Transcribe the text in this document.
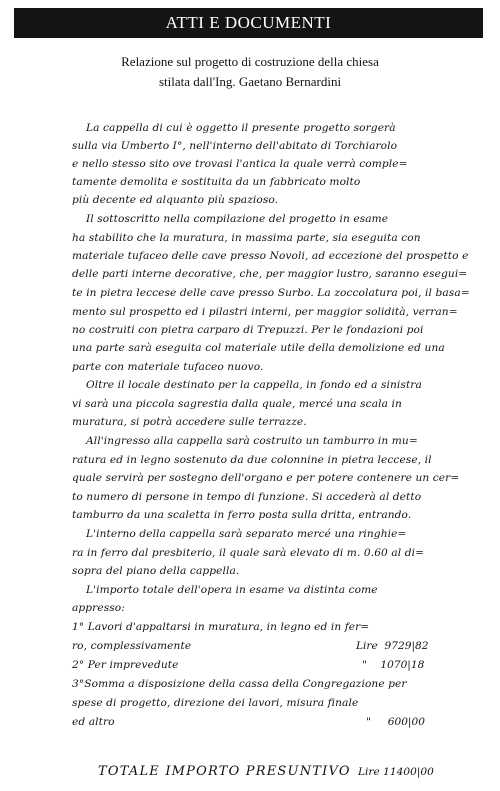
ATTI E DOCUMENTI
Relazione sul progetto di costruzione della chiesa
stilata dall'Ing. Gaetano Bernardini
La cappella di cui è oggetto il presente progetto sorgerà
sulla via Umberto I°, nell'interno dell'abitato di Torchiarolo
e nello stesso sito ove trovasi l'antica la quale verrà comple=
tamente demolita e sostituita da un fabbricato molto
più decente ed alquanto più spazioso.
Il sottoscritto nella compilazione del progetto in esame
ha stabilito che la muratura, in massima parte, sia eseguita con
materiale tufaceo delle cave presso Novoli, ad eccezione del prospetto e
delle parti interne decorative, che, per maggior lustro, saranno esegui=
te in pietra leccese delle cave presso Surbo. La zoccolatura poi, il basa=
mento sul prospetto ed i pilastri interni, per maggior solidità, verran=
no costruiti con pietra carparo di Trepuzzi. Per le fondazioni poi
una parte sarà eseguita col materiale utile della demolizione ed una
parte con materiale tufaceo nuovo.
Oltre il locale destinato per la cappella, in fondo ed a sinistra
vi sarà una piccola sagrestia dalla quale, mercé una scala in
muratura, si potrà accedere sulle terrazze.
All'ingresso alla cappella sarà costruito un tamburro in mu=
ratura ed in legno sostenuto da due colonnine in pietra leccese, il
quale servirà per sostegno dell'organo e per potere contenere un cer=
to numero di persone in tempo di funzione. Si accederà al detto
tamburro da una scaletta in ferro posta sulla dritta, entrando.
L'interno della cappella sarà separato mercé una ringhie=
ra in ferro dal presbiterio, il quale sarà elevato di m. 0.60 al di=
sopra del piano della cappella.
L'importo totale dell'opera in esame va distinta come
appresso:
1° Lavori d'appaltarsi in muratura, in legno ed in fer=
ro, complessivamente
2° Per imprevedute
3°Somma a disposizione della cassa della Congregazione per
spese di progetto, direzione dei lavori, misura finale
ed altro
Lire  9729|82
"    1070|18
"     600|00
TOTALE IMPORTO PRESUNTIVO Lire 11400|00
